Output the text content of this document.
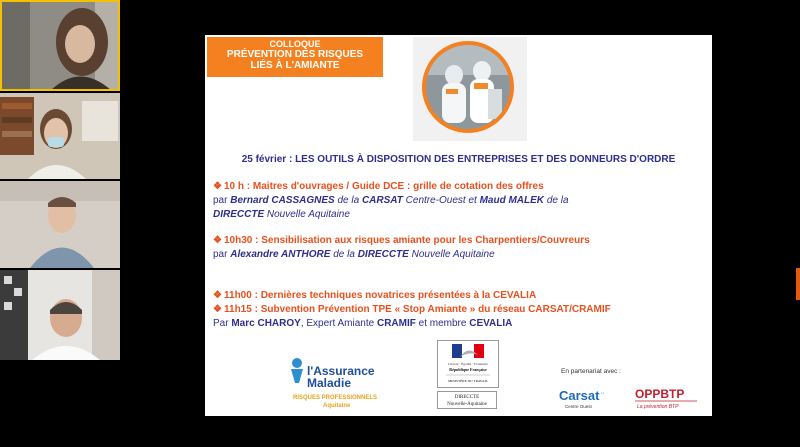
COLLOQUE
PRÉVENTION DES RISQUES
LIÉS À L'AMIANTE
25 février : LES OUTILS À DISPOSITION DES ENTREPRISES ET DES DONNEURS D'ORDRE
❖ 10 h : Maitres d'ouvrages / Guide DCE : grille de cotation des offres
par Bernard CASSAGNES de la CARSAT Centre-Ouest et Maud MALEK de la
DIRECCTE Nouvelle Aquitaine
❖ 10h30 : Sensibilisation aux risques amiante pour les Charpentiers/Couvreurs
par Alexandre ANTHORE de la DIRECCTE Nouvelle Aquitaine
❖ 11h00 : Dernières techniques novatrices présentées à la CEVALIA
❖ 11h15 : Subvention Prévention TPE « Stop Amiante » du réseau CARSAT/CRAMIF
Par Marc CHAROY, Expert Amiante CRAMIF et membre CEVALIA
l'Assurance
Maladie
RISQUES PROFESSIONNELS
Aquitaine
Liberté · Égalité · Fraternité
République Française
MINISTÈRE DU TRAVAIL
DIRECCTE
Nouvelle-Aquitaine
En partenariat avec :
Carsat ▪ ▪
Centre Ouest
OPPBTP
La prévention BTP
